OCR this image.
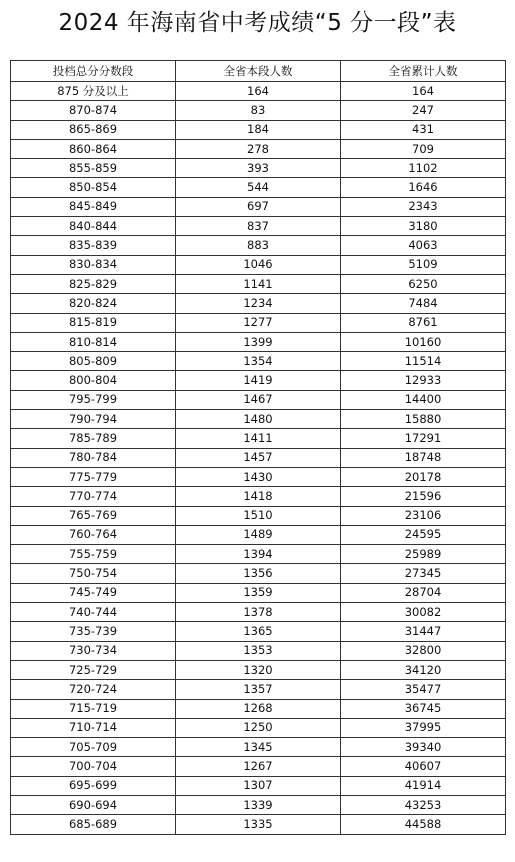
2024 年海南省中考成绩“5 分一段”表
投档总分分数段	全省本段人数	全省累计人数
875 分及以上	164	164
870-874	83	247
865-869	184	431
860-864	278	709
855-859	393	1102
850-854	544	1646
845-849	697	2343
840-844	837	3180
835-839	883	4063
830-834	1046	5109
825-829	1141	6250
820-824	1234	7484
815-819	1277	8761
810-814	1399	10160
805-809	1354	11514
800-804	1419	12933
795-799	1467	14400
790-794	1480	15880
785-789	1411	17291
780-784	1457	18748
775-779	1430	20178
770-774	1418	21596
765-769	1510	23106
760-764	1489	24595
755-759	1394	25989
750-754	1356	27345
745-749	1359	28704
740-744	1378	30082
735-739	1365	31447
730-734	1353	32800
725-729	1320	34120
720-724	1357	35477
715-719	1268	36745
710-714	1250	37995
705-709	1345	39340
700-704	1267	40607
695-699	1307	41914
690-694	1339	43253
685-689	1335	44588
